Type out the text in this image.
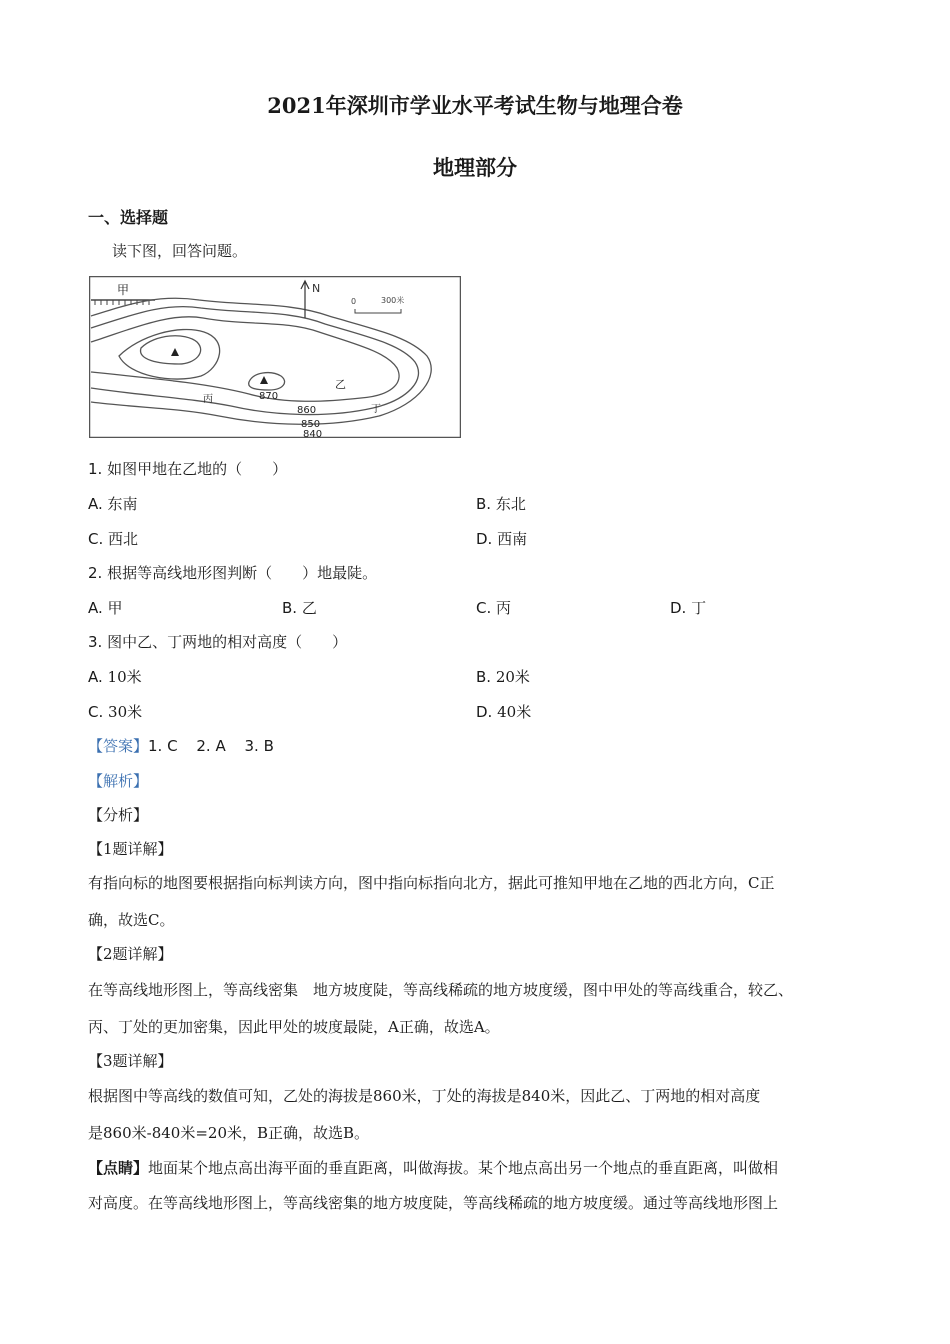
2021年深圳市学业水平考试生物与地理合卷
地理部分
一、选择题
读下图，回答问题。
N
0	300米
甲
乙
丙
丁
870
860
850
840
1. 如图甲地在乙地的（　　）
A. 东南	B. 东北
C. 西北	D. 西南
2. 根据等高线地形图判断（　　）地最陡。
A. 甲	B. 乙	C. 丙	D. 丁
3. 图中乙、丁两地的相对高度（　　）
A. 10米	B. 20米
C. 30米	D. 40米
【答案】1. C 2. A 3. B
【解析】
【分析】
【1题详解】
有指向标的地图要根据指向标判读方向，图中指向标指向北方，据此可推知甲地在乙地的西北方向，C正
确，故选C。
【2题详解】
在等高线地形图上，等高线密集　地方坡度陡，等高线稀疏的地方坡度缓，图中甲处的等高线重合，较乙、
丙、丁处的更加密集，因此甲处的坡度最陡，A正确，故选A。
【3题详解】
根据图中等高线的数值可知，乙处的海拔是860米，丁处的海拔是840米，因此乙、丁两地的相对高度
是860米-840米=20米，B正确，故选B。
【点睛】地面某个地点高出海平面的垂直距离，叫做海拔。某个地点高出另一个地点的垂直距离，叫做相
对高度。在等高线地形图上，等高线密集的地方坡度陡，等高线稀疏的地方坡度缓。通过等高线地形图上
